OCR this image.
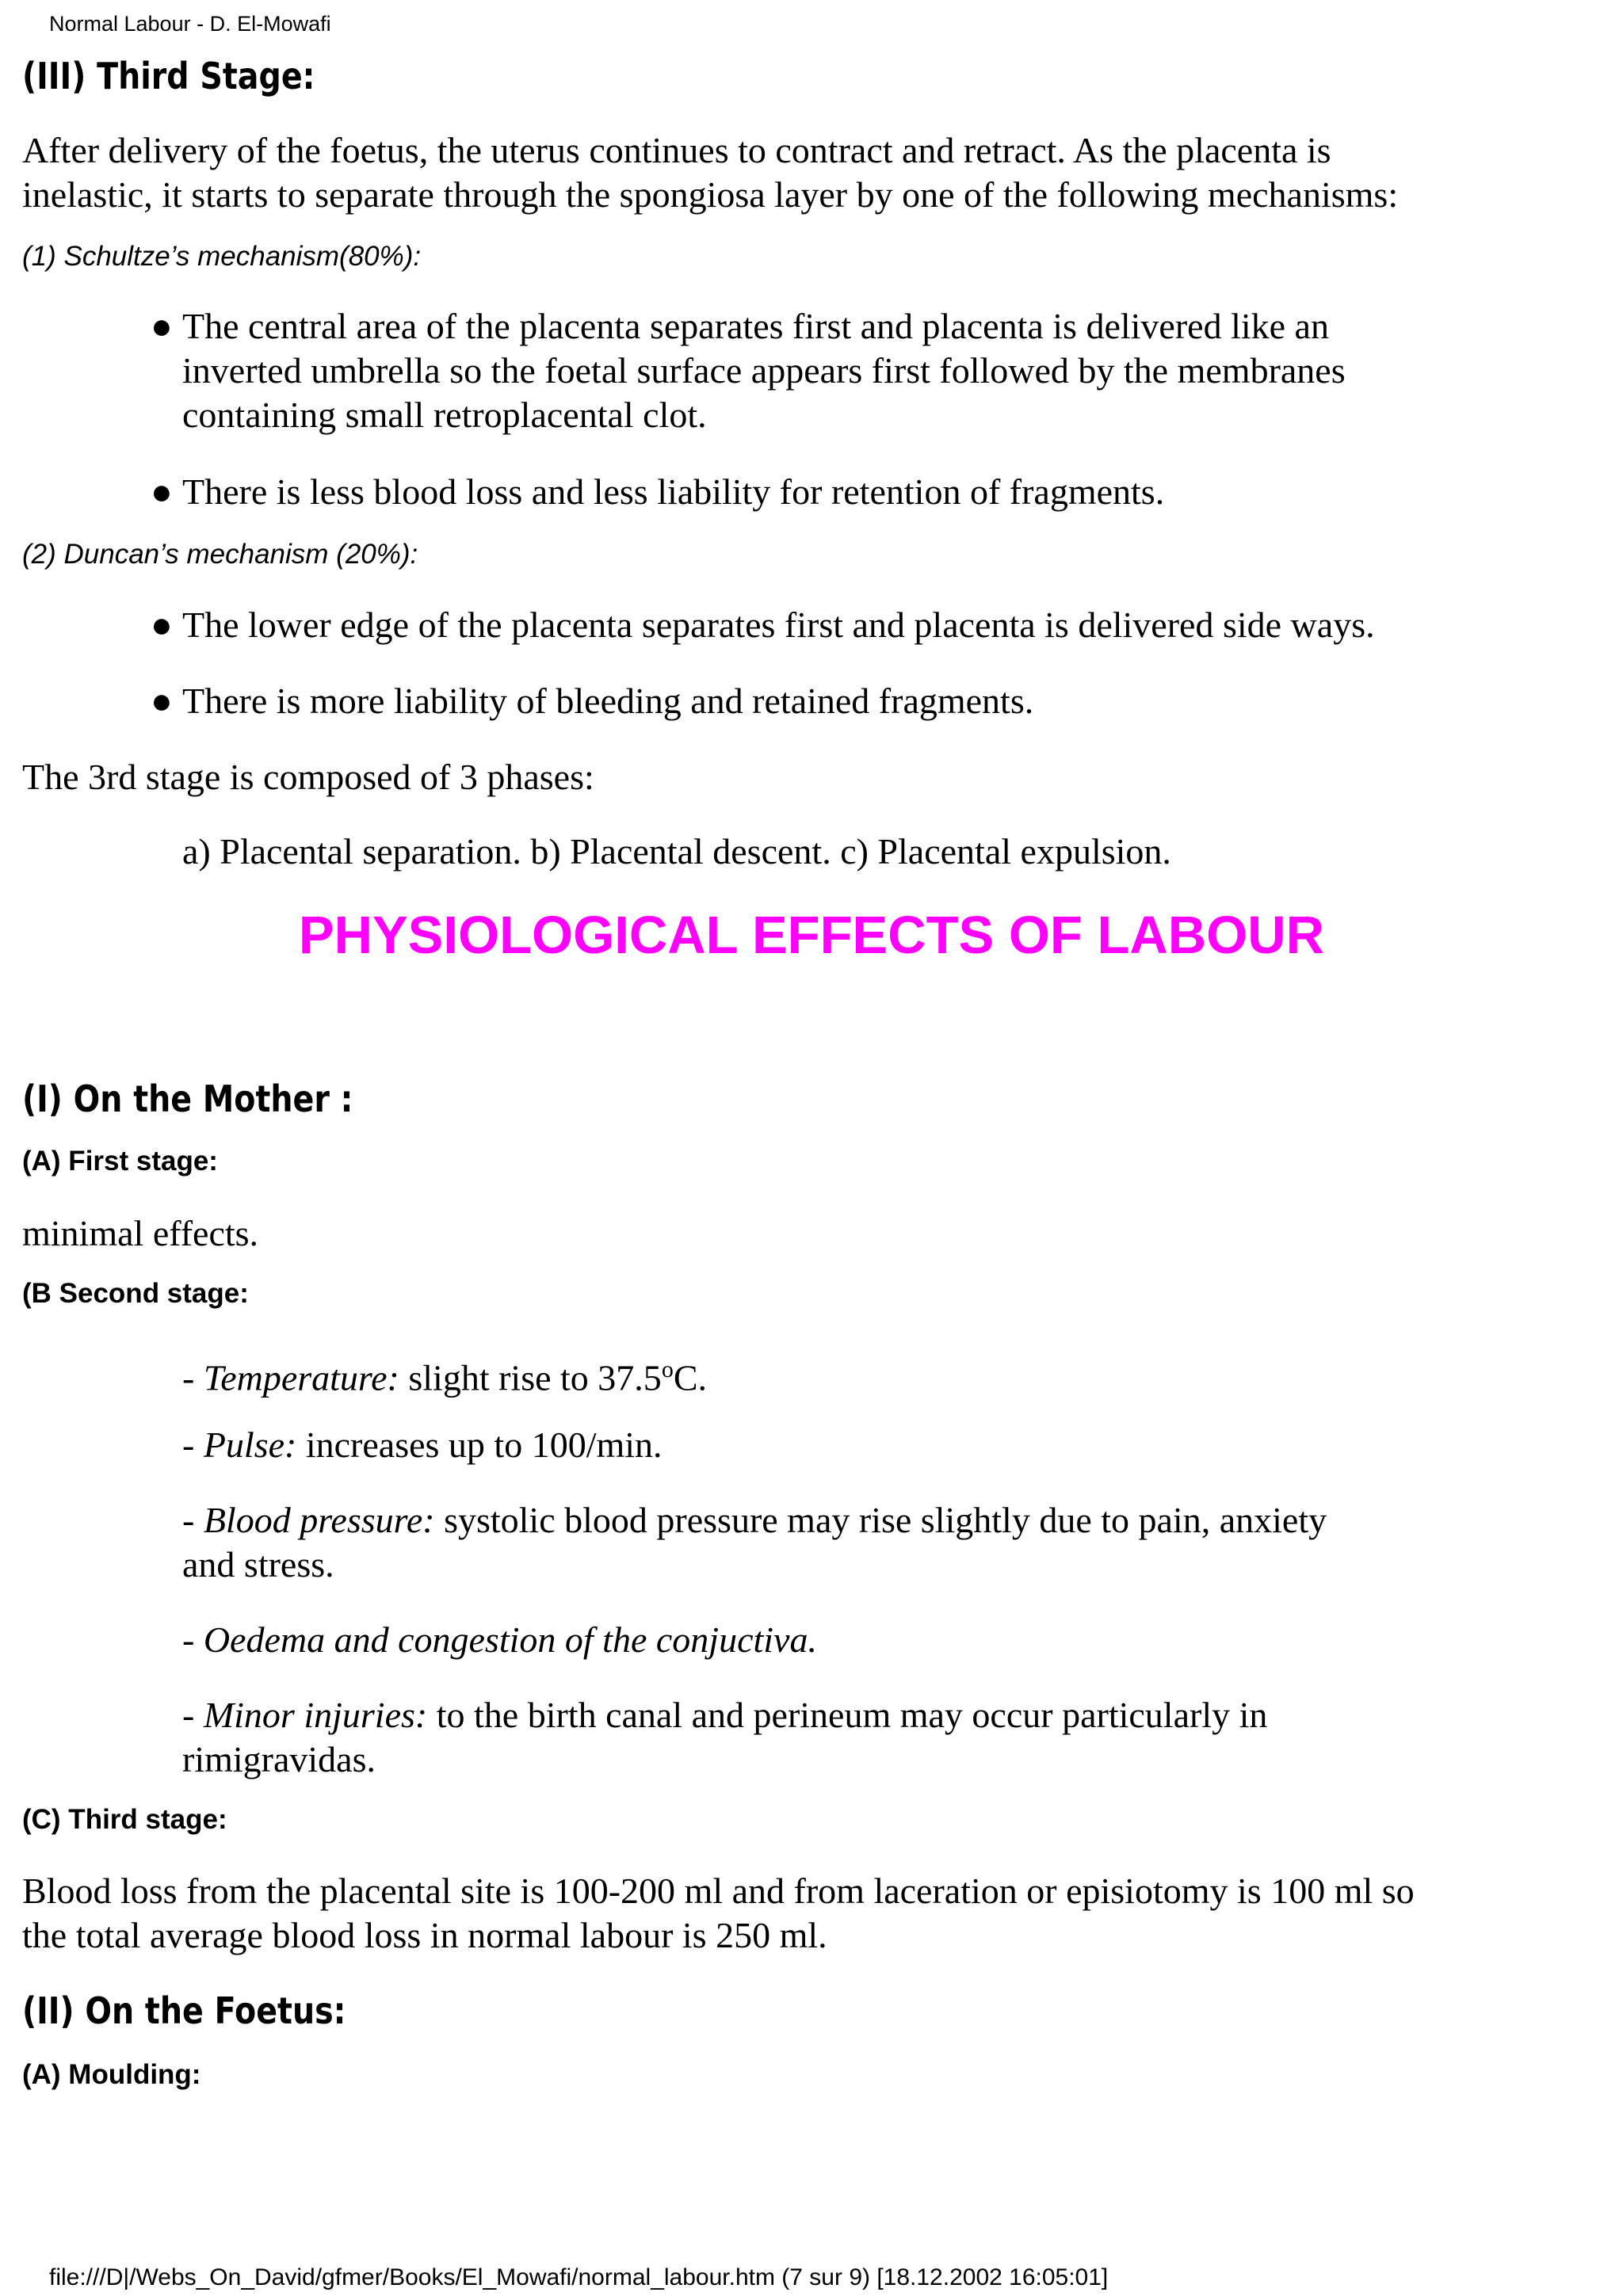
Normal Labour - D. El-Mowafi
(III) Third Stage:
After delivery of the foetus, the uterus continues to contract and retract. As the placenta is
inelastic, it starts to separate through the spongiosa layer by one of the following mechanisms:
(1) Schultze’s mechanism(80%):
● The central area of the placenta separates first and placenta is delivered like an
inverted umbrella so the foetal surface appears first followed by the membranes
containing small retroplacental clot.
● There is less blood loss and less liability for retention of fragments.
(2) Duncan’s mechanism (20%):
● The lower edge of the placenta separates first and placenta is delivered side ways.
● There is more liability of bleeding and retained fragments.
The 3rd stage is composed of 3 phases:
a) Placental separation. b) Placental descent. c) Placental expulsion.
PHYSIOLOGICAL EFFECTS OF LABOUR
(I) On the Mother :
(A) First stage:
minimal effects.
(B Second stage:
- Temperature: slight rise to 37.5$^o$C.
- Pulse: increases up to 100/min.
- Blood pressure: systolic blood pressure may rise slightly due to pain, anxiety
and stress.
- Oedema and congestion of the conjuctiva.
- Minor injuries: to the birth canal and perineum may occur particularly in
rimigravidas.
(C) Third stage:
Blood loss from the placental site is 100-200 ml and from laceration or episiotomy is 100 ml so
the total average blood loss in normal labour is 250 ml.
(II) On the Foetus:
(A) Moulding:
file:///D|/Webs_On_David/gfmer/Books/El_Mowafi/normal_labour.htm (7 sur 9) [18.12.2002 16:05:01]
